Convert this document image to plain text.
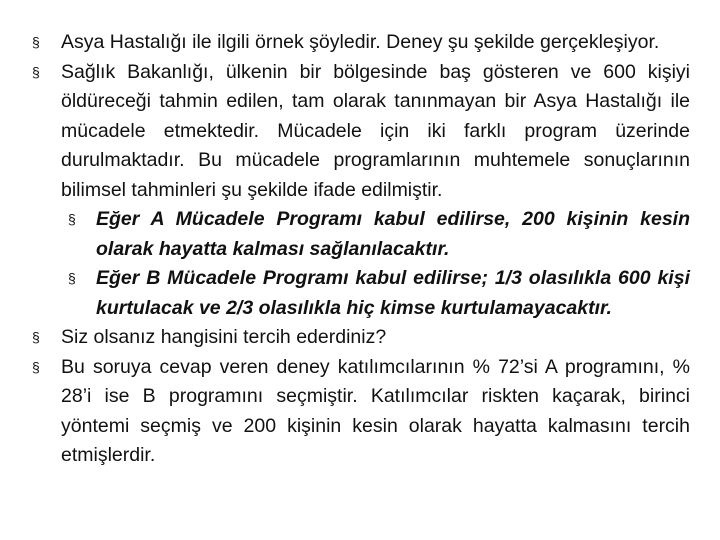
§ Asya Hastalığı ile ilgili örnek şöyledir. Deney şu şekilde gerçekleşiyor.
§ Sağlık Bakanlığı, ülkenin bir bölgesinde baş gösteren ve 600 kişiyi öldüreceği tahmin edilen, tam olarak tanınmayan bir Asya Hastalığı ile mücadele etmektedir. Mücadele için iki farklı program üzerinde durulmaktadır. Bu mücadele programlarının muhtemele sonuçlarının bilimsel tahminleri şu şekilde ifade edilmiştir.
§ Eğer A Mücadele Programı kabul edilirse, 200 kişinin kesin olarak hayatta kalması sağlanılacaktır.
§ Eğer B Mücadele Programı kabul edilirse; 1/3 olasılıkla 600 kişi kurtulacak ve 2/3 olasılıkla hiç kimse kurtulamayacaktır.
§ Siz olsanız hangisini tercih ederdiniz?
§ Bu soruya cevap veren deney katılımcılarının % 72’si A programını, % 28’i ise B programını seçmiştir. Katılımcılar riskten kaçarak, birinci yöntemi seçmiş ve 200 kişinin kesin olarak hayatta kalmasını tercih etmişlerdir.
